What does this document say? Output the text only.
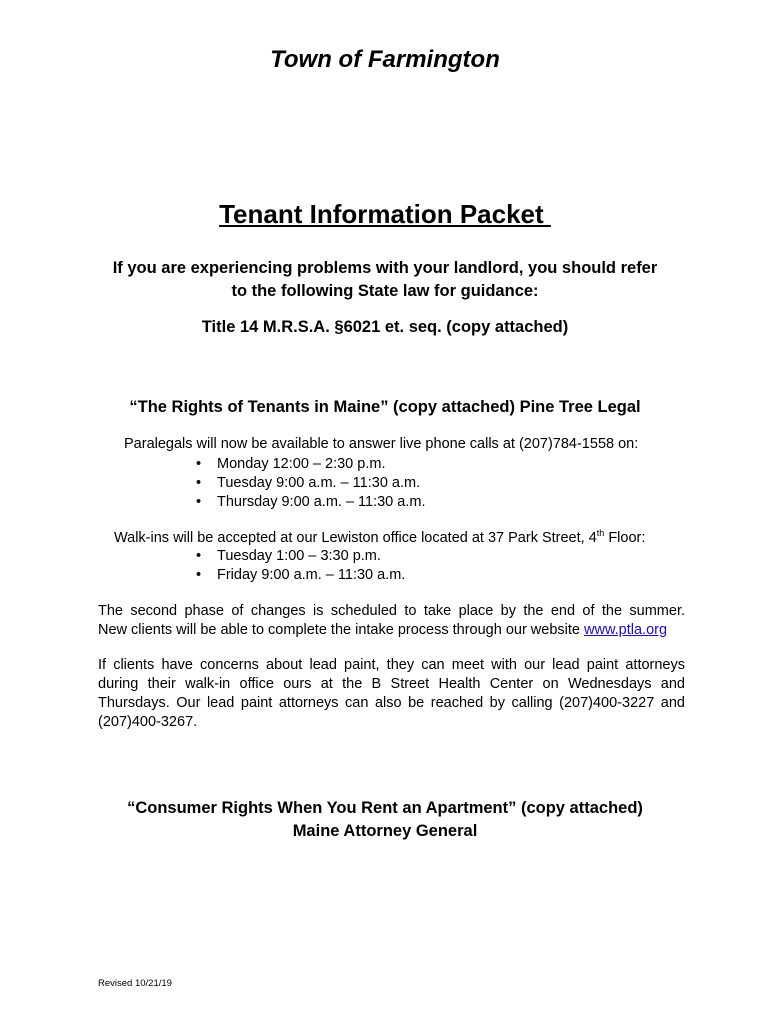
Town of Farmington
Tenant Information Packet
If you are experiencing problems with your landlord, you should refer
to the following State law for guidance:
Title 14 M.R.S.A. §6021 et. seq. (copy attached)
“The Rights of Tenants in Maine” (copy attached) Pine Tree Legal
Paralegals will now be available to answer live phone calls at (207)784-1558 on:
• Monday 12:00 – 2:30 p.m.
• Tuesday 9:00 a.m. – 11:30 a.m.
• Thursday 9:00 a.m. – 11:30 a.m.
Walk-ins will be accepted at our Lewiston office located at 37 Park Street, 4th Floor:
• Tuesday 1:00 – 3:30 p.m.
• Friday 9:00 a.m. – 11:30 a.m.
The second phase of changes is scheduled to take place by the end of the summer.
New clients will be able to complete the intake process through our website www.ptla.org
If clients have concerns about lead paint, they can meet with our lead paint attorneys
during their walk-in office ours at the B Street Health Center on Wednesdays and
Thursdays. Our lead paint attorneys can also be reached by calling (207)400-3227 and
(207)400-3267.
“Consumer Rights When You Rent an Apartment” (copy attached)
Maine Attorney General
Revised 10/21/19
